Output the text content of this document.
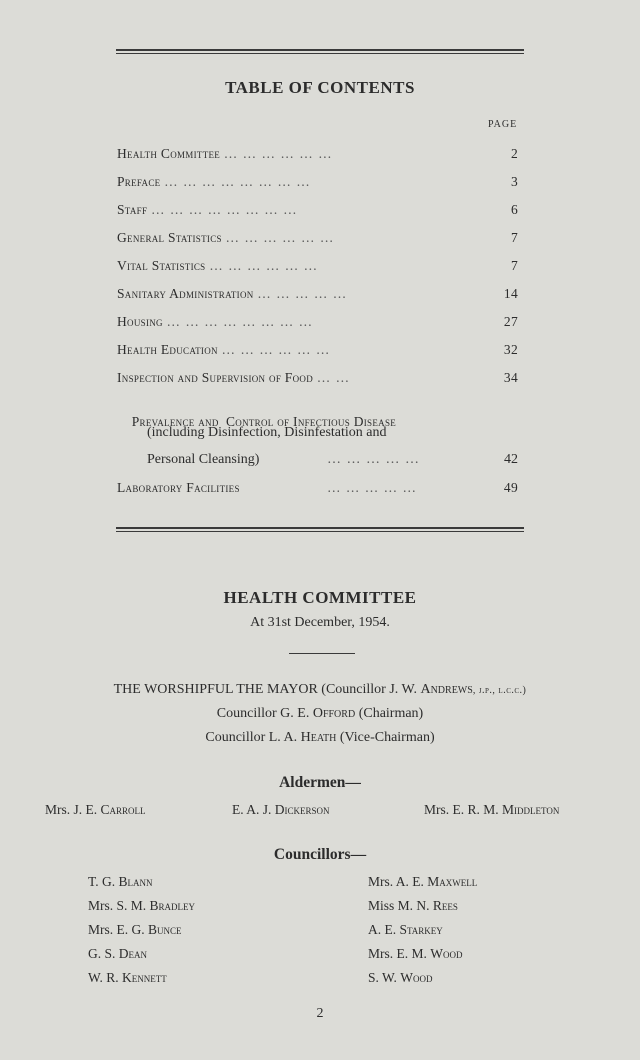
TABLE OF CONTENTS
PAGE
Health Committee … … … … … …	2
Preface … … … … … … … …	3
Staff … … … … … … … …	6
General Statistics … … … … … …	7
Vital Statistics … … … … … …	7
Sanitary Administration … … … … …	14
Housing … … … … … … … …	27
Health Education … … … … … …	32
Inspection and Supervision of Food … …	34

Prevalence and  Control of Infectious Disease

(including Disinfection, Disinfestation and
Personal Cleansing)	… … … … …	42
Laboratory Facilities	… … … … …	49
HEALTH COMMITTEE
At 31st December, 1954.
THE WORSHIPFUL THE MAYOR (Councillor J. W. Andrews, j.p., l.c.c.)
Councillor G. E. Offord (Chairman)
Councillor L. A. Heath (Vice-Chairman)
Aldermen—
Mrs. J. E. Carroll	E. A. J. Dickerson	Mrs. E. R. M. Middleton
Councillors—
T. G. Blann
Mrs. S. M. Bradley
Mrs. E. G. Bunce
G. S. Dean
W. R. Kennett
Mrs. A. E. Maxwell
Miss M. N. Rees
A. E. Starkey
Mrs. E. M. Wood
S. W. Wood
2
